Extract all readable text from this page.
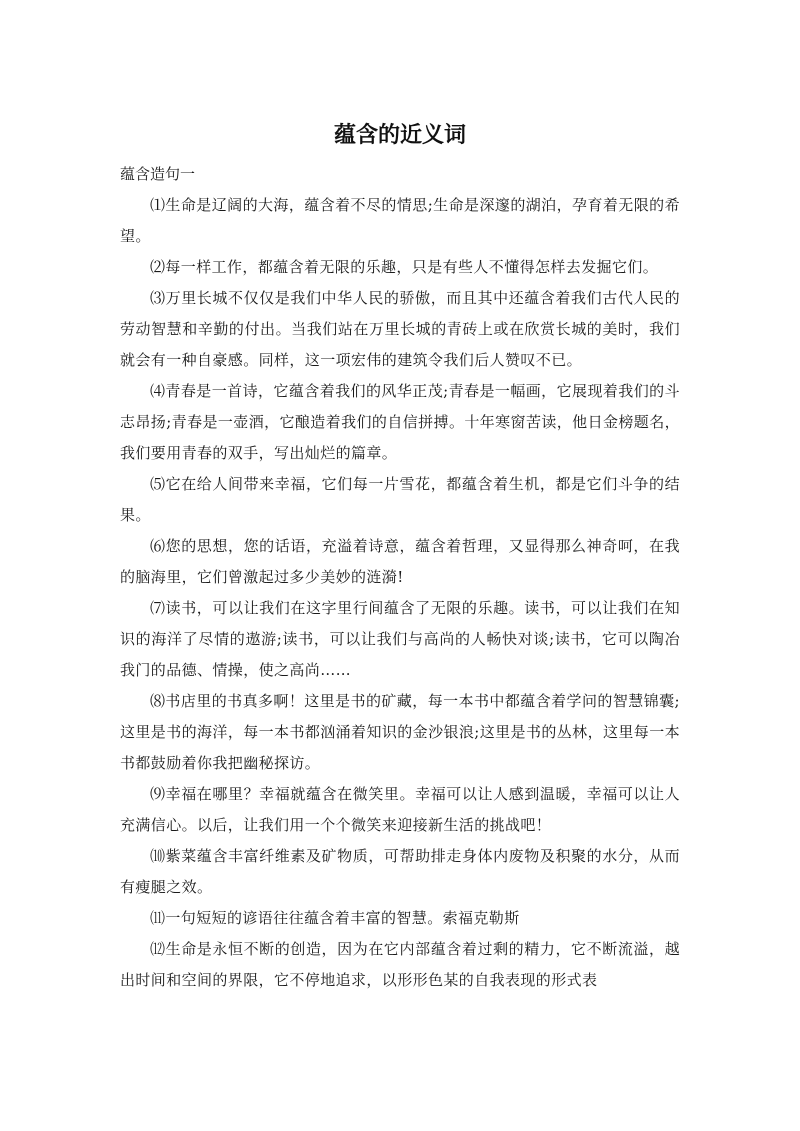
蕴含的近义词
蕴含造句一

⑴生命是辽阔的大海，蕴含着不尽的情思;生命是深邃的湖泊，孕育着无限的希望。

⑵每一样工作，都蕴含着无限的乐趣，只是有些人不懂得怎样去发掘它们。

⑶万里长城不仅仅是我们中华人民的骄傲，而且其中还蕴含着我们古代人民的劳动智慧和辛勤的付出。当我们站在万里长城的青砖上或在欣赏长城的美时，我们就会有一种自豪感。同样，这一项宏伟的建筑令我们后人赞叹不已。

⑷青春是一首诗，它蕴含着我们的风华正茂;青春是一幅画，它展现着我们的斗志昂扬;青春是一壶酒，它酿造着我们的自信拼搏。十年寒窗苦读，他日金榜题名，我们要用青春的双手，写出灿烂的篇章。

⑸它在给人间带来幸福，它们每一片雪花，都蕴含着生机，都是它们斗争的结果。

⑹您的思想，您的话语，充溢着诗意，蕴含着哲理，又显得那么神奇呵，在我的脑海里，它们曾激起过多少美妙的涟漪!

⑺读书，可以让我们在这字里行间蕴含了无限的乐趣。读书，可以让我们在知识的海洋了尽情的遨游;读书，可以让我们与高尚的人畅快对谈;读书，它可以陶冶我门的品德、情操，使之高尚……

⑻书店里的书真多啊！这里是书的矿藏，每一本书中都蕴含着学问的智慧锦囊;这里是书的海洋，每一本书都汹涌着知识的金沙银浪;这里是书的丛林，这里每一本书都鼓励着你我把幽秘探访。

⑼幸福在哪里？幸福就蕴含在微笑里。幸福可以让人感到温暖，幸福可以让人充满信心。以后，让我们用一个个微笑来迎接新生活的挑战吧！

⑽紫菜蕴含丰富纤维素及矿物质，可帮助排走身体内废物及积聚的水分，从而有瘦腿之效。

⑾一句短短的谚语往往蕴含着丰富的智慧。索福克勒斯

⑿生命是永恒不断的创造，因为在它内部蕴含着过剩的精力，它不断流溢，越出时间和空间的界限，它不停地追求，以形形色某的自我表现的形式表
